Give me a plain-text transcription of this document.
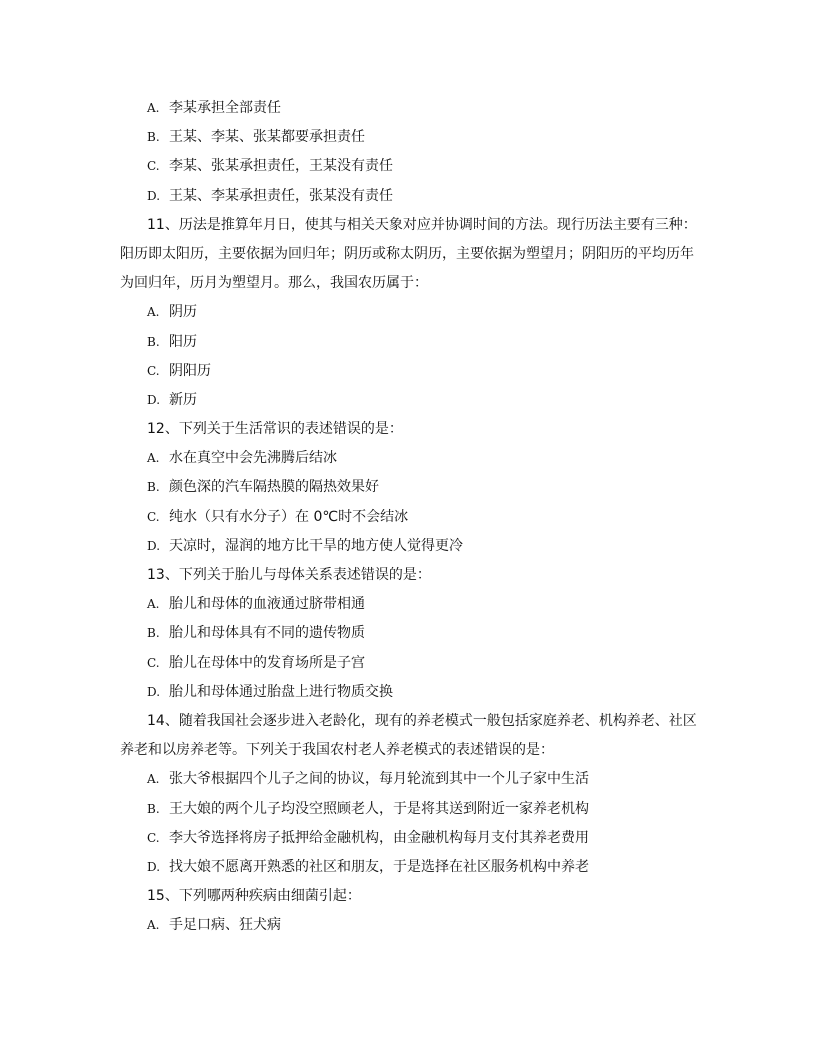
A. 李某承担全部责任
B. 王某、李某、张某都要承担责任
C. 李某、张某承担责任，王某没有责任
D. 王某、李某承担责任，张某没有责任
11、历法是推算年月日，使其与相关天象对应并协调时间的方法。现行历法主要有三种：
阳历即太阳历，主要依据为回归年；阴历或称太阴历，主要依据为塑望月；阴阳历的平均历年
为回归年，历月为塑望月。那么，我国农历属于：
A. 阴历
B. 阳历
C. 阴阳历
D. 新历
12、下列关于生活常识的表述错误的是：
A. 水在真空中会先沸腾后结冰
B. 颜色深的汽车隔热膜的隔热效果好
C. 纯水（只有水分子）在 0℃时不会结冰
D. 天凉时，湿润的地方比干旱的地方使人觉得更冷
13、下列关于胎儿与母体关系表述错误的是：
A. 胎儿和母体的血液通过脐带相通
B. 胎儿和母体具有不同的遗传物质
C. 胎儿在母体中的发育场所是子宫
D. 胎儿和母体通过胎盘上进行物质交换
14、随着我国社会逐步进入老龄化，现有的养老模式一般包括家庭养老、机构养老、社区
养老和以房养老等。下列关于我国农村老人养老模式的表述错误的是：
A. 张大爷根据四个儿子之间的协议，每月轮流到其中一个儿子家中生活
B. 王大娘的两个儿子均没空照顾老人，于是将其送到附近一家养老机构
C. 李大爷选择将房子抵押给金融机构，由金融机构每月支付其养老费用
D. 找大娘不愿离开熟悉的社区和朋友，于是选择在社区服务机构中养老
15、下列哪两种疾病由细菌引起：
A. 手足口病、狂犬病
